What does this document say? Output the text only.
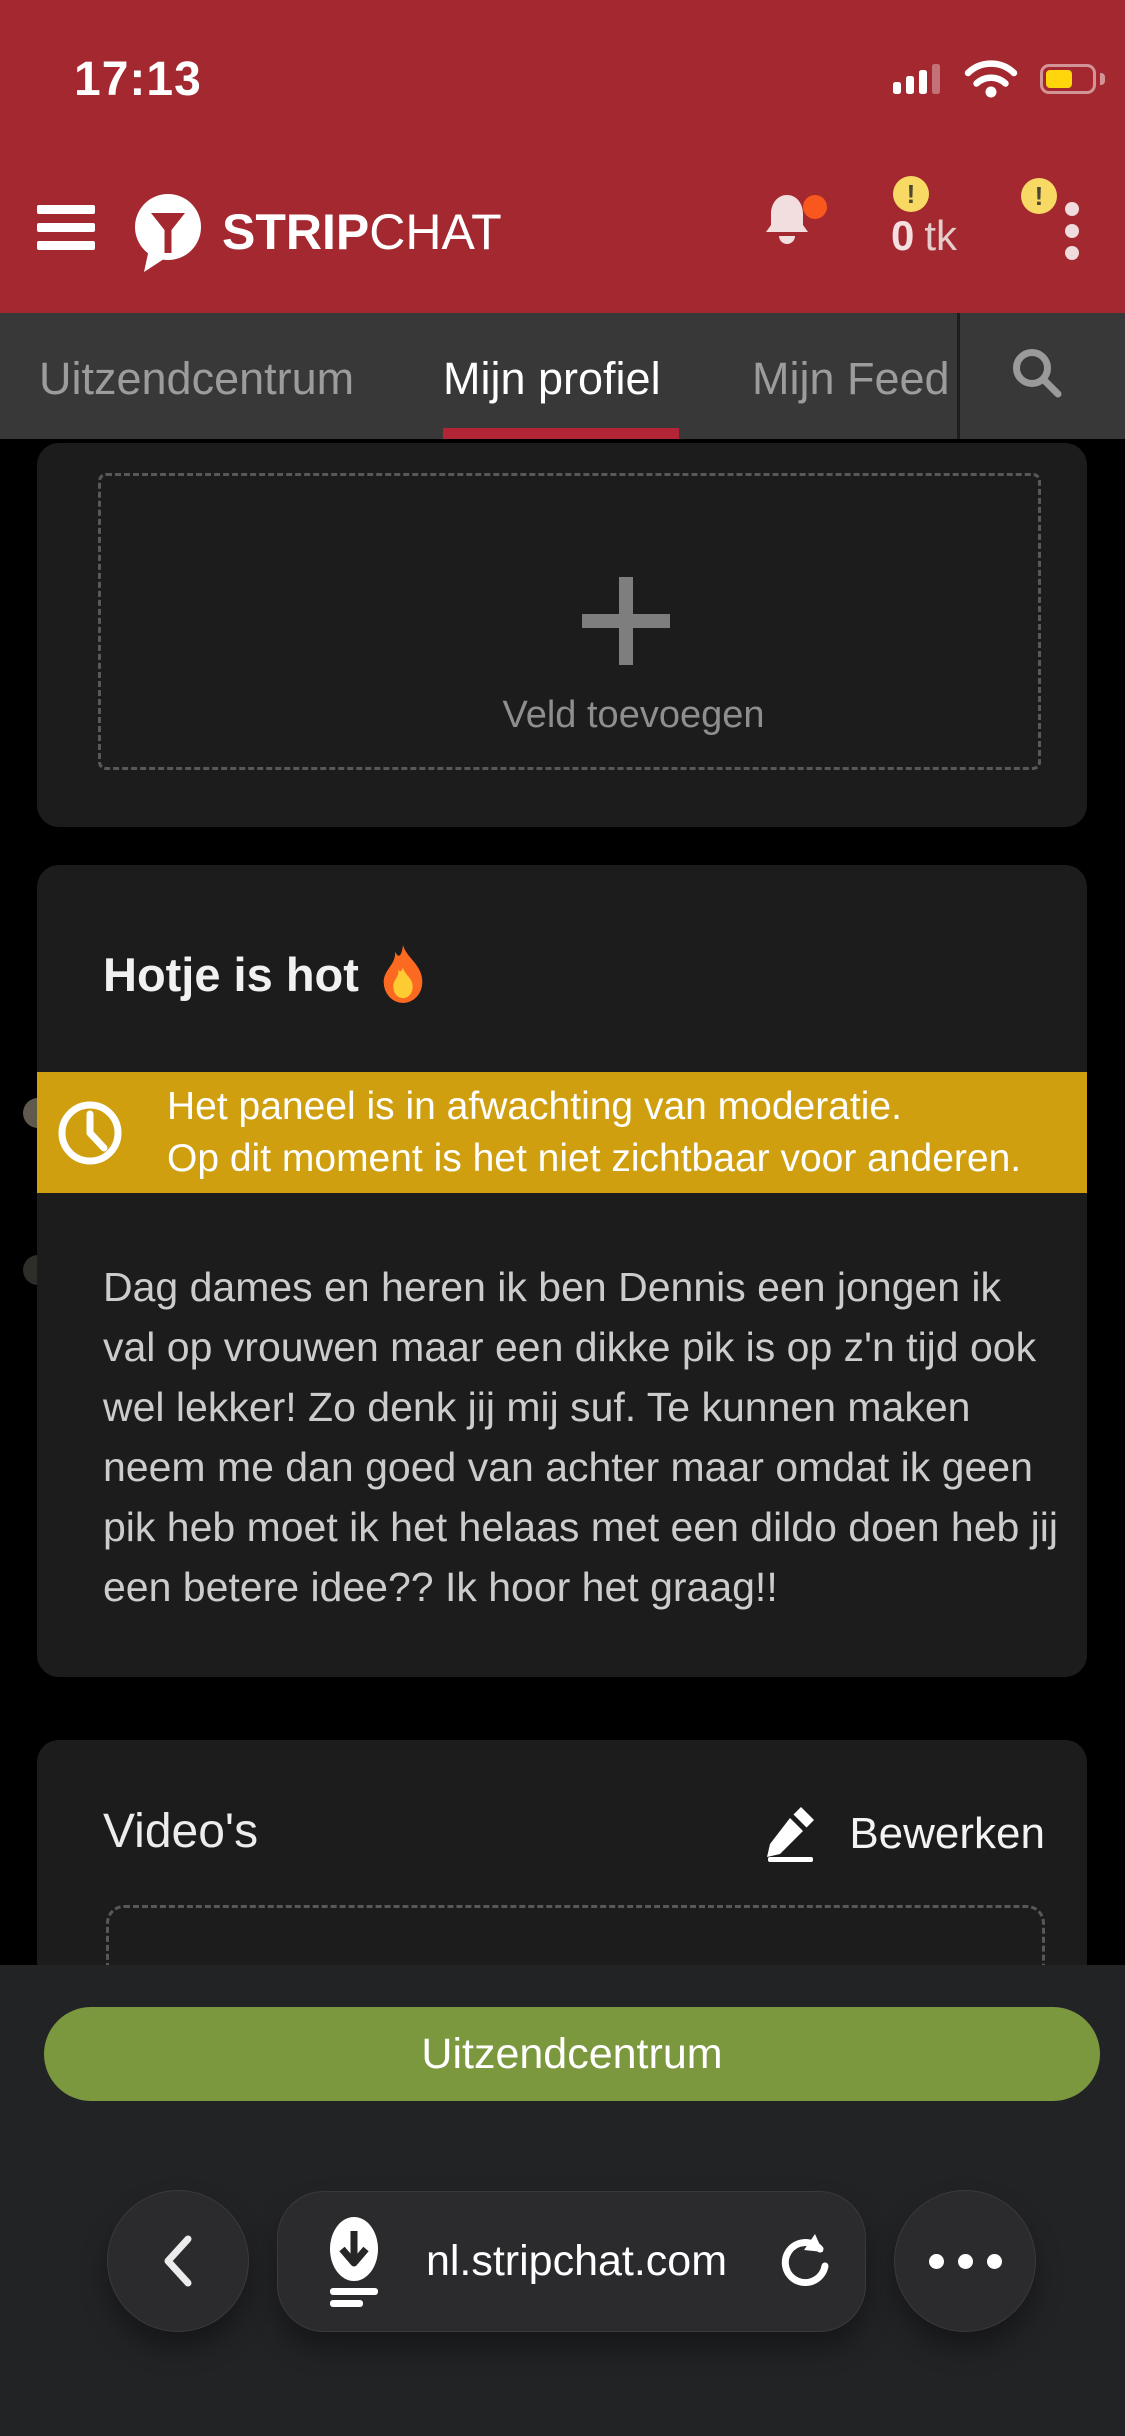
17:13
STRIPCHAT
!
0 tk
!
Uitzendcentrum Mijn profiel Mijn Feed
Veld toevoegen
Hotje is hot
Het paneel is in afwachting van moderatie.
Op dit moment is het niet zichtbaar voor anderen.
Dag dames en heren ik ben Dennis een jongen ik val op vrouwen maar een dikke pik is op z'n tijd ook wel lekker! Zo denk jij mij suf. Te kunnen maken neem me dan goed van achter maar omdat ik geen pik heb moet ik het helaas met een dildo doen heb jij een betere idee?? Ik hoor het graag!!
Video's	Bewerken
Uitzendcentrum
nl.stripchat.com
